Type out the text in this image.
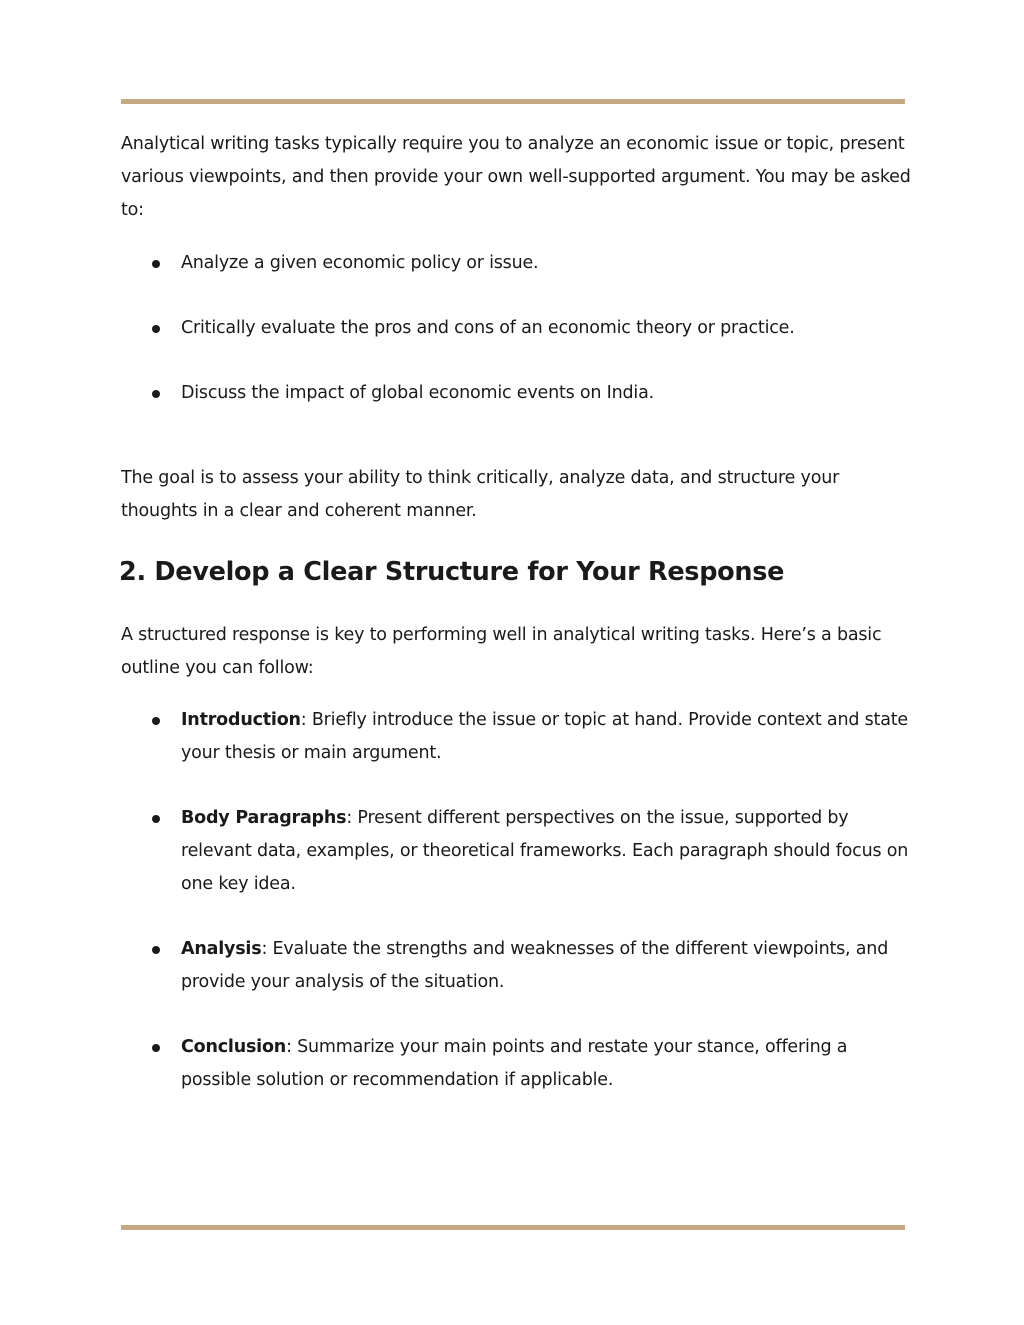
Analytical writing tasks typically require you to analyze an economic issue or topic, present various viewpoints, and then provide your own well-supported argument. You may be asked to:

Analyze a given economic policy or issue.
Critically evaluate the pros and cons of an economic theory or practice.
Discuss the impact of global economic events on India.

The goal is to assess your ability to think critically, analyze data, and structure your thoughts in a clear and coherent manner.

2. Develop a Clear Structure for Your Response

A structured response is key to performing well in analytical writing tasks. Here’s a basic outline you can follow:

Introduction: Briefly introduce the issue or topic at hand. Provide context and state your thesis or main argument.
Body Paragraphs: Present different perspectives on the issue, supported by relevant data, examples, or theoretical frameworks. Each paragraph should focus on one key idea.
Analysis: Evaluate the strengths and weaknesses of the different viewpoints, and provide your analysis of the situation.
Conclusion: Summarize your main points and restate your stance, offering a possible solution or recommendation if applicable.
